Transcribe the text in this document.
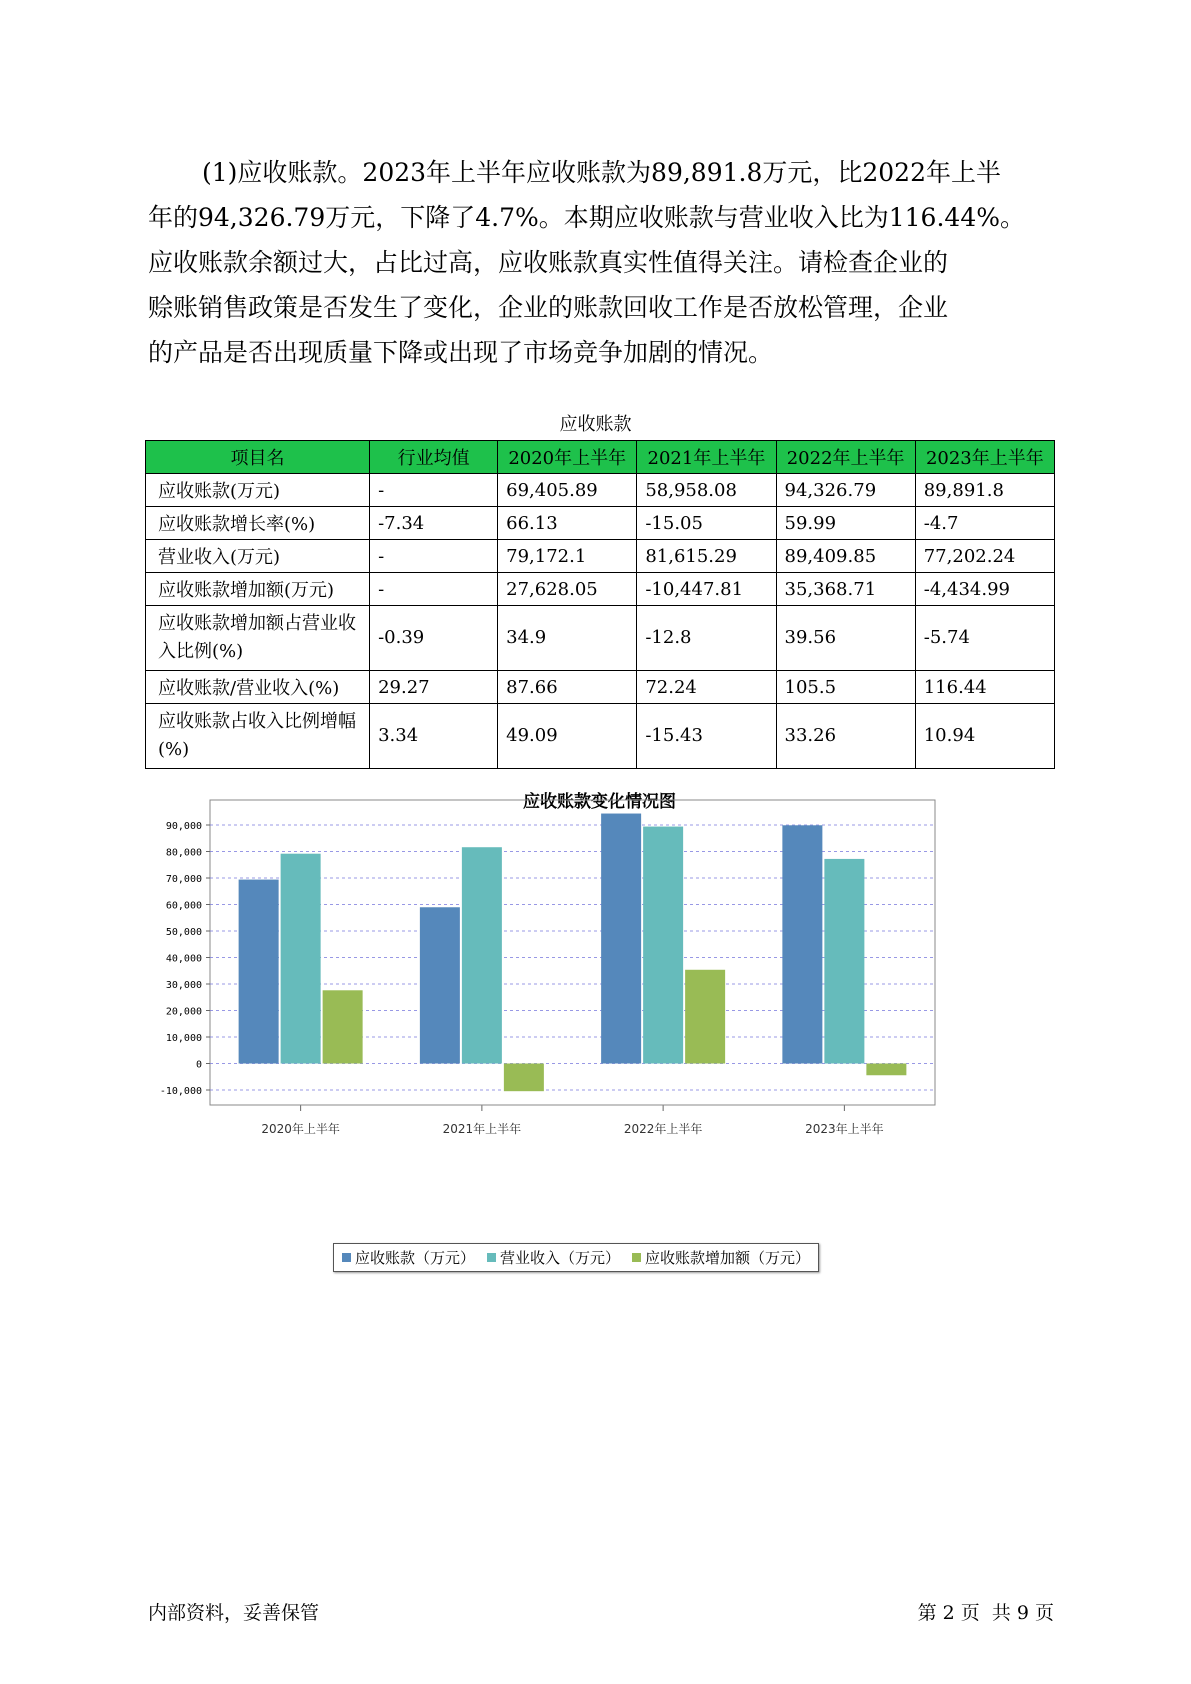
(1)应收账款。2023年上半年应收账款为89,891.8万元，比2022年上半
年的94,326.79万元，下降了4.7%。本期应收账款与营业收入比为116.44%。
应收账款余额过大，占比过高，应收账款真实性值得关注。请检查企业的
赊账销售政策是否发生了变化，企业的账款回收工作是否放松管理，企业
的产品是否出现质量下降或出现了市场竞争加剧的情况。
应收账款
项目名	行业均值	2020年上半年	2021年上半年	2022年上半年	2023年上半年
应收账款(万元)	-	69,405.89	58,958.08	94,326.79	89,891.8
应收账款增长率(%)	-7.34	66.13	-15.05	59.99	-4.7
营业收入(万元)	-	79,172.1	81,615.29	89,409.85	77,202.24
应收账款增加额(万元)	-	27,628.05	-10,447.81	35,368.71	-4,434.99
应收账款增加额占营业收入比例(%)	-0.39	34.9	-12.8	39.56	-5.74
应收账款/营业收入(%)	29.27	87.66	72.24	105.5	116.44
应收账款占收入比例增幅(%)	3.34	49.09	-15.43	33.26	10.94
应收账款变化情况图
90,000
80,000
70,000
60,000
50,000
40,000
30,000
20,000
10,000
0
-10,000
2020年上半年	2021年上半年	2022年上半年	2023年上半年
应收账款（万元） 营业收入（万元） 应收账款增加额（万元）
内部资料，妥善保管	第 2 页  共 9 页
